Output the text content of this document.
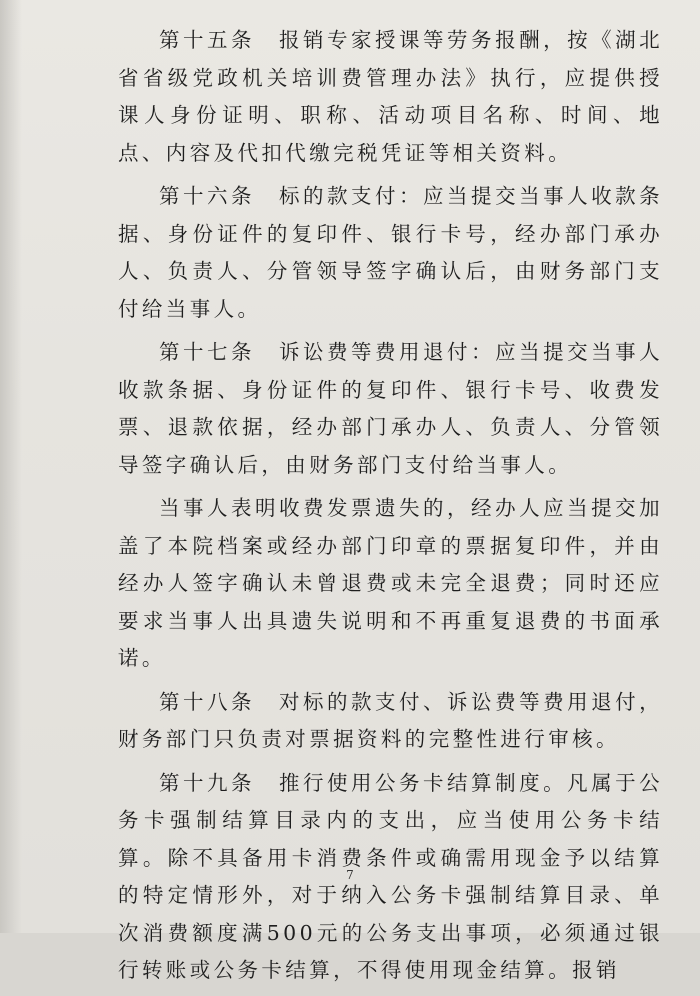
第十五条　报销专家授课等劳务报酬，按《湖北省省级党政机关培训费管理办法》执行，应提供授课人身份证明、职称、活动项目名称、时间、地点、内容及代扣代缴完税凭证等相关资料。

第十六条　标的款支付：应当提交当事人收款条据、身份证件的复印件、银行卡号，经办部门承办人、负责人、分管领导签字确认后，由财务部门支付给当事人。

第十七条　诉讼费等费用退付：应当提交当事人收款条据、身份证件的复印件、银行卡号、收费发票、退款依据，经办部门承办人、负责人、分管领导签字确认后，由财务部门支付给当事人。

当事人表明收费发票遗失的，经办人应当提交加盖了本院档案或经办部门印章的票据复印件，并由经办人签字确认未曾退费或未完全退费；同时还应要求当事人出具遗失说明和不再重复退费的书面承诺。

第十八条　对标的款支付、诉讼费等费用退付，财务部门只负责对票据资料的完整性进行审核。

第十九条　推行使用公务卡结算制度。凡属于公务卡强制结算目录内的支出，应当使用公务卡结算。除不具备用卡消费条件或确需用现金予以结算的特定情形外，对于纳入公务卡强制结算目录、单次消费额度满500元的公务支出事项，必须通过银行转账或公务卡结算，不得使用现金结算。报销

7
